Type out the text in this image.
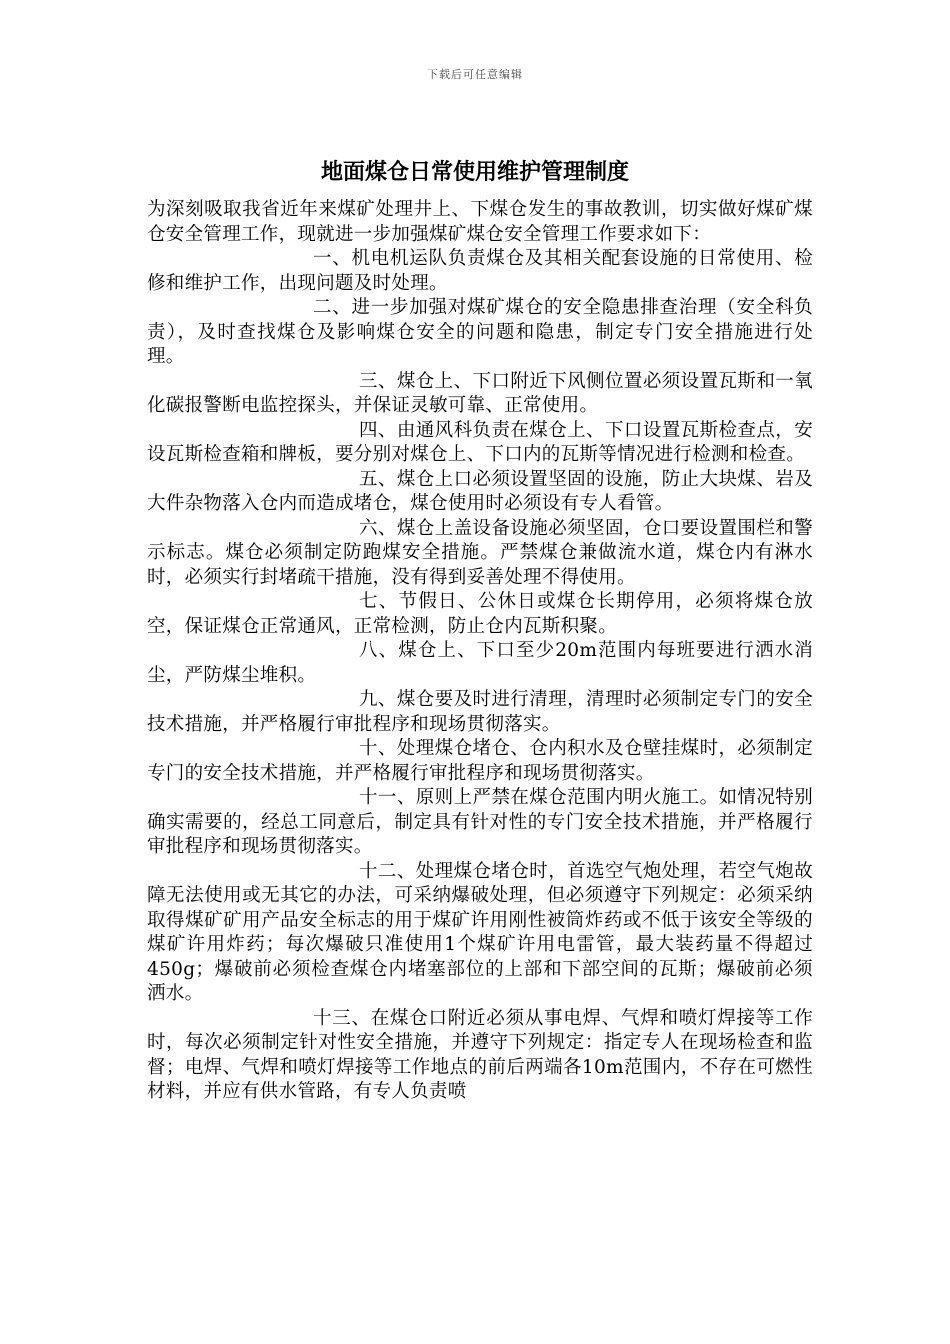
下载后可任意编辑
地面煤仓日常使用维护管理制度

为深刻吸取我省近年来煤矿处理井上、下煤仓发生的事故教训，切实做好煤矿煤仓安全管理工作，现就进一步加强煤矿煤仓安全管理工作要求如下：

一、机电机运队负责煤仓及其相关配套设施的日常使用、检修和维护工作，出现问题及时处理。

二、进一步加强对煤矿煤仓的安全隐患排查治理（安全科负责），及时查找煤仓及影响煤仓安全的问题和隐患，制定专门安全措施进行处理。

三、煤仓上、下口附近下风侧位置必须设置瓦斯和一氧化碳报警断电监控探头，并保证灵敏可靠、正常使用。

四、由通风科负责在煤仓上、下口设置瓦斯检查点，安设瓦斯检查箱和牌板，要分别对煤仓上、下口内的瓦斯等情况进行检测和检查。

五、煤仓上口必须设置坚固的设施，防止大块煤、岩及大件杂物落入仓内而造成堵仓，煤仓使用时必须设有专人看管。

六、煤仓上盖设备设施必须坚固，仓口要设置围栏和警示标志。煤仓必须制定防跑煤安全措施。严禁煤仓兼做流水道，煤仓内有淋水时，必须实行封堵疏干措施，没有得到妥善处理不得使用。

七、节假日、公休日或煤仓长期停用，必须将煤仓放空，保证煤仓正常通风，正常检测，防止仓内瓦斯积聚。

八、煤仓上、下口至少20m范围内每班要进行洒水消尘，严防煤尘堆积。

九、煤仓要及时进行清理，清理时必须制定专门的安全技术措施，并严格履行审批程序和现场贯彻落实。

十、处理煤仓堵仓、仓内积水及仓壁挂煤时，必须制定专门的安全技术措施，并严格履行审批程序和现场贯彻落实。

十一、原则上严禁在煤仓范围内明火施工。如情况特别确实需要的，经总工同意后，制定具有针对性的专门安全技术措施，并严格履行审批程序和现场贯彻落实。

十二、处理煤仓堵仓时，首选空气炮处理，若空气炮故障无法使用或无其它的办法，可采纳爆破处理，但必须遵守下列规定：必须采纳取得煤矿矿用产品安全标志的用于煤矿许用刚性被筒炸药或不低于该安全等级的煤矿许用炸药；每次爆破只准使用1个煤矿许用电雷管，最大装药量不得超过450g；爆破前必须检查煤仓内堵塞部位的上部和下部空间的瓦斯；爆破前必须洒水。

十三、在煤仓口附近必须从事电焊、气焊和喷灯焊接等工作时，每次必须制定针对性安全措施，并遵守下列规定：指定专人在现场检查和监督；电焊、气焊和喷灯焊接等工作地点的前后两端各10m范围内，不存在可燃性材料，并应有供水管路，有专人负责喷
